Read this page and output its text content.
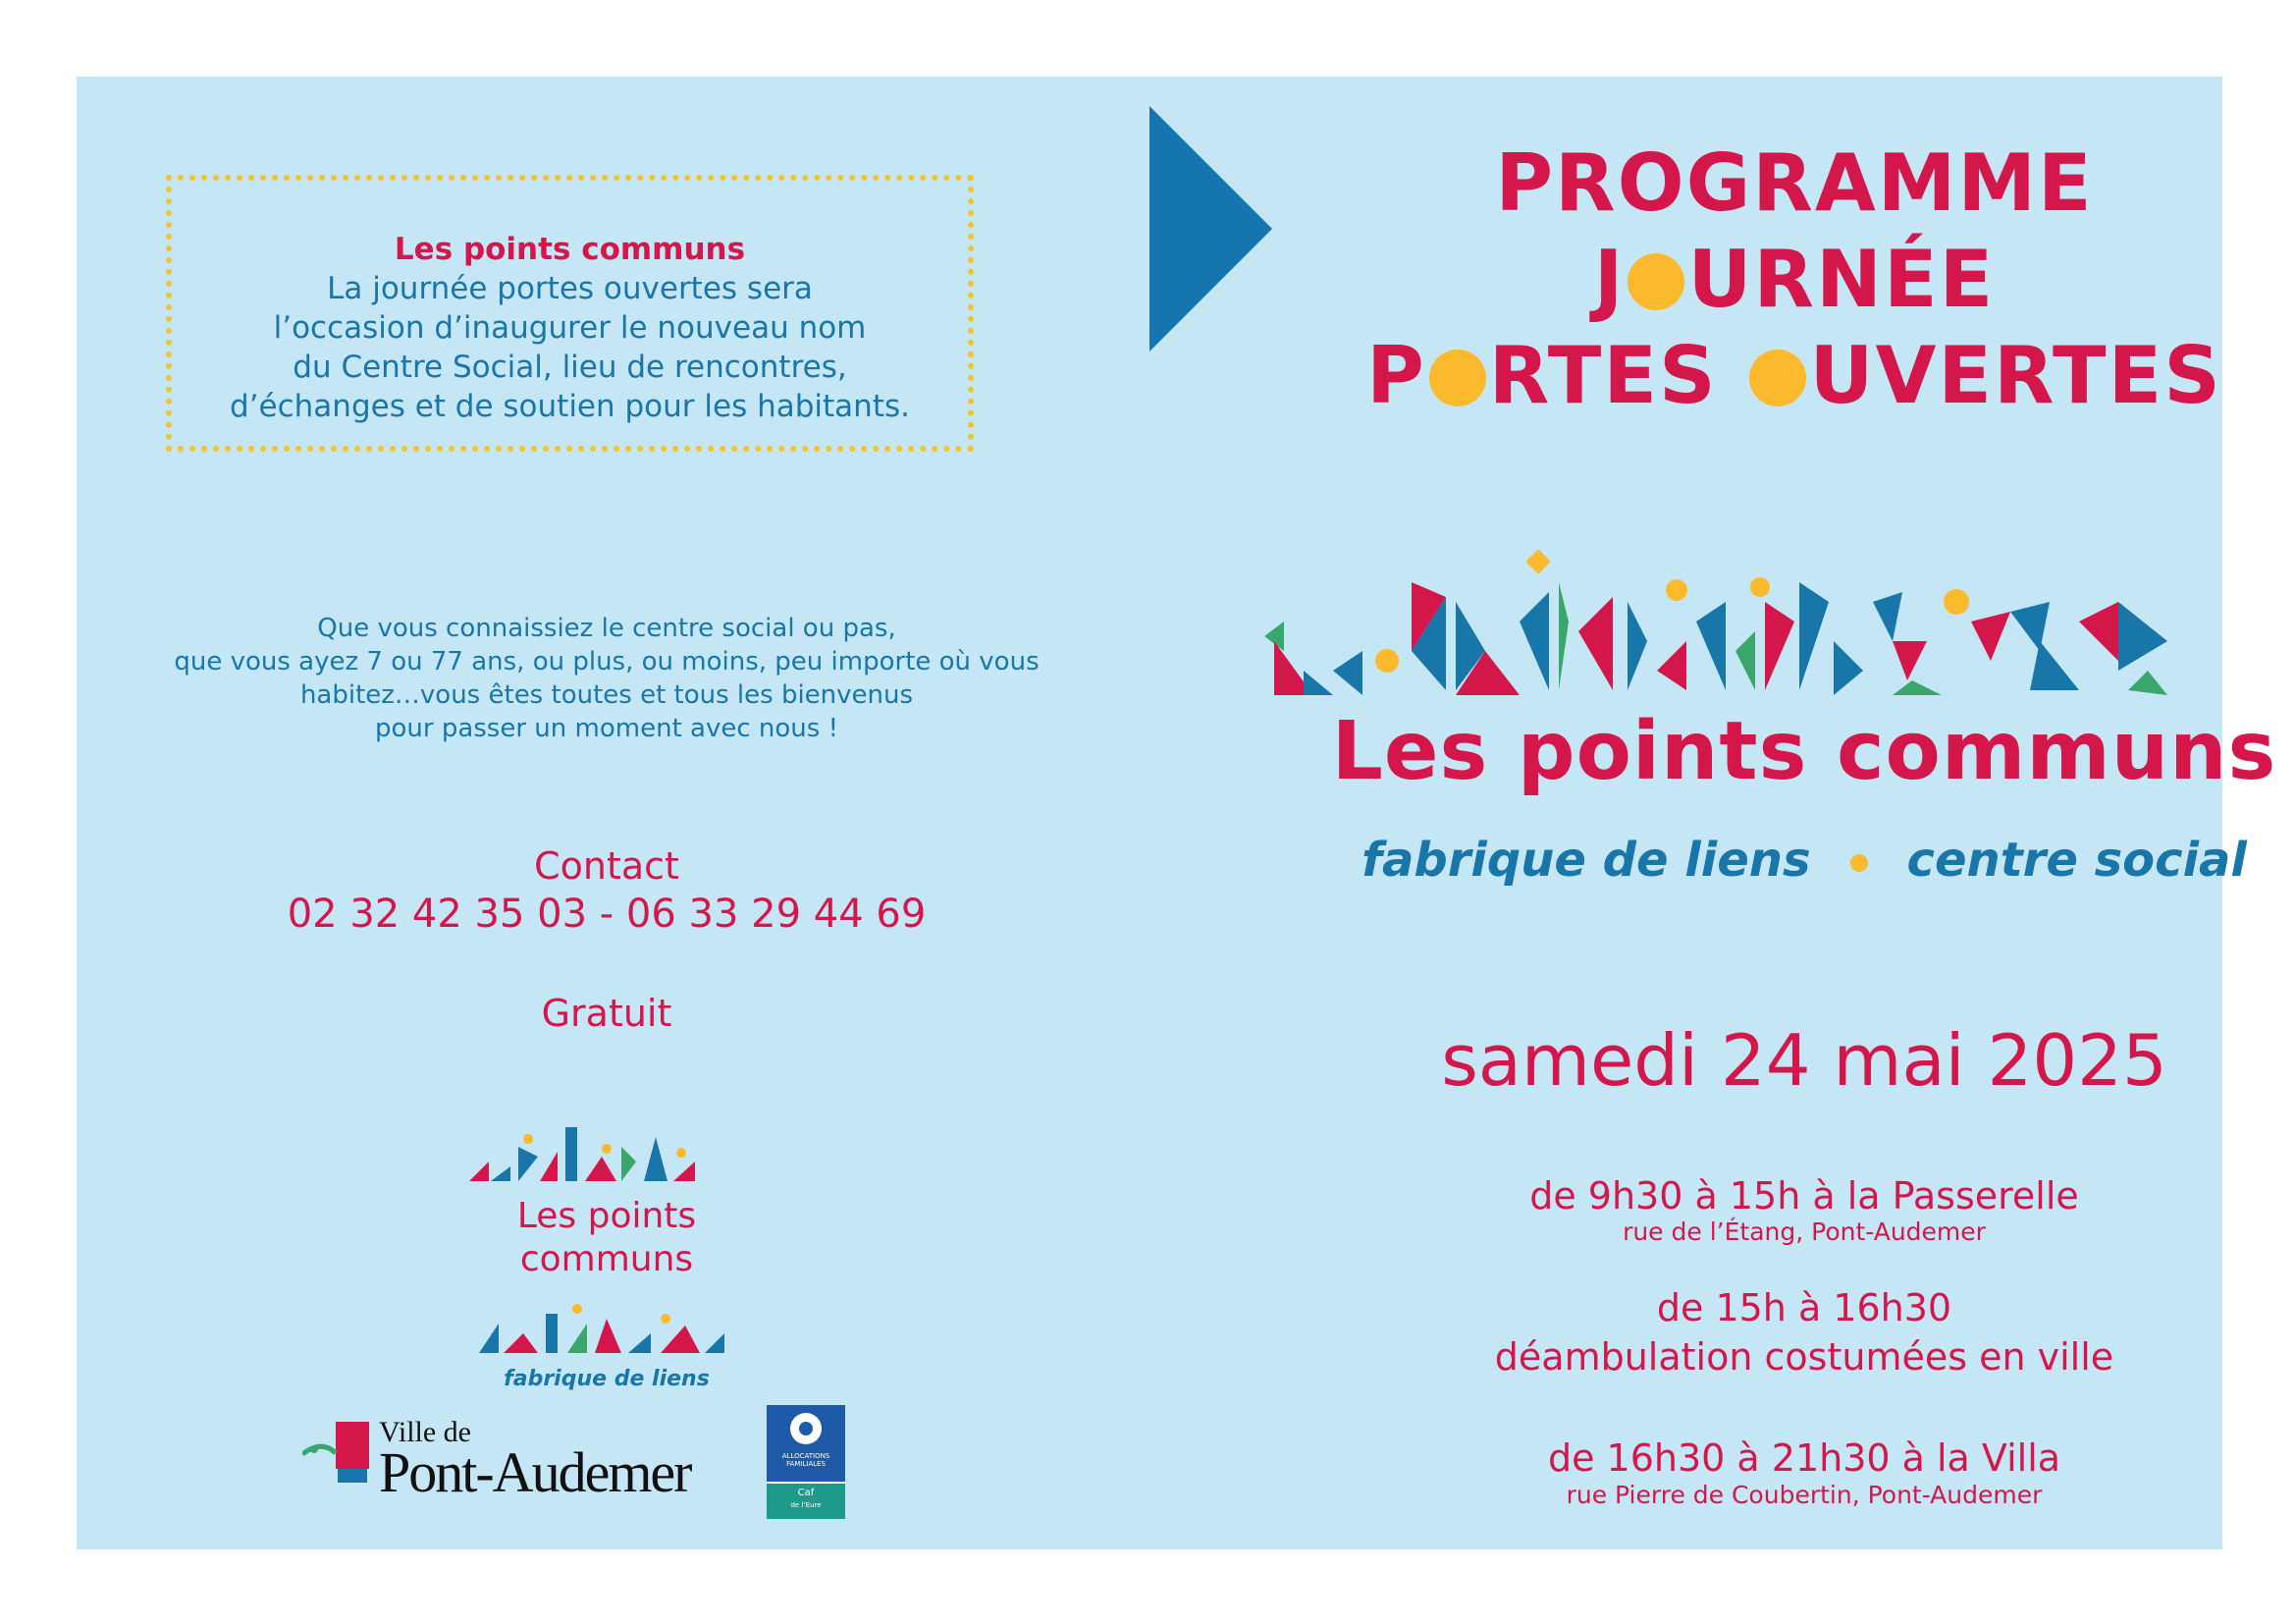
Les points communs
La journée portes ouvertes sera
l’occasion d’inaugurer le nouveau nom
du Centre Social, lieu de rencontres,
d’échanges et de soutien pour les habitants.
Que vous connaissiez le centre social ou pas,
que vous ayez 7 ou 77 ans, ou plus, ou moins, peu importe où vous
habitez…vous êtes toutes et tous les bienvenus
pour passer un moment avec nous !
Contact
02 32 42 35 03 - 06 33 29 44 69
Gratuit
Les points
communs
fabrique de liens
Ville de
Pont-Audemer	ALLOCATIONS FAMILIALES
Caf
de l’Eure
PROGRAMME
J URNÉE
P RTES UVERTES
Les points communs
fabrique de liens centre social
samedi 24 mai 2025
de 9h30 à 15h à la Passerelle
rue de l’Étang, Pont-Audemer
de 15h à 16h30
déambulation costumées en ville
de 16h30 à 21h30 à la Villa
rue Pierre de Coubertin, Pont-Audemer
